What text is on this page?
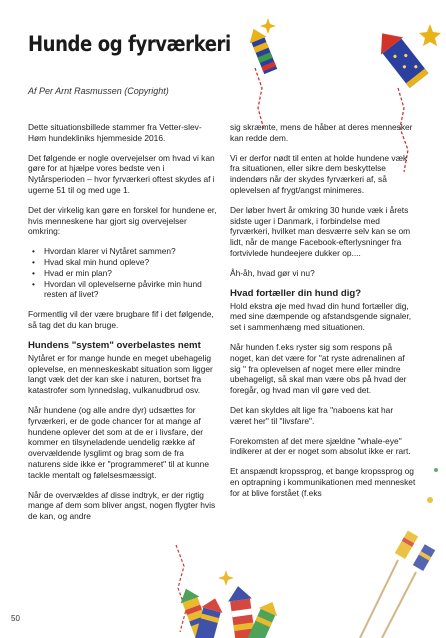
Hunde og fyrværkeri
Af Per Arnt Rasmussen (Copyright)

Dette situationsbillede stammer fra Vetter-slev-Høm hundekliniks hjemmeside 2016.

Det følgende er nogle overvejelser om hvad vi kan gøre for at hjælpe vores bedste ven i Nytårsperioden – hvor fyrværkeri oftest skydes af i ugerne 51 til og med uge 1.

Det der virkelig kan gøre en forskel for hundene er, hvis menneskene har gjort sig overvejelser omkring:

• Hvordan klarer vi Nytåret sammen?
• Hvad skal min hund opleve?
• Hvad er min plan?
• Hvordan vil oplevelserne påvirke min hund resten af livet?

Formentlig vil der være brugbare fif i det følgende, så tag det du kan bruge.

Hundens "system" overbelastes nemt

Nytåret er for mange hunde en meget ubehagelig oplevelse, en menneskeskabt situation som ligger langt væk det der kan ske i naturen, bortset fra katastrofer som lynnedslag, vulkanudbrud osv.

Når hundene (og alle andre dyr) udsættes for fyrværkeri, er de gode chancer for at mange af hundene oplever det som at de er i livsfare, der kommer en tilsyneladende uendelig række af overvældende lysglimt og brag som de fra naturens side ikke er "programmeret" til at kunne tackle mentalt og følelsesmæssigt.

Når de overvældes af disse indtryk, er der rigtig mange af dem som bliver angst, nogen flygter hvis de kan, og andre

sig skræmte, mens de håber at deres mennesker kan redde dem.

Vi er derfor nødt til enten at holde hundene væk fra situationen, eller sikre dem beskyttelse indendørs når der skydes fyrværkeri af, så oplevelsen af frygt/angst minimeres.

Der løber hvert år omkring 30 hunde væk i årets sidste uger i Danmark, i forbindelse med fyrværkeri, hvilket man desværre selv kan se om lidt, når de mange Facebook-efterlysninger fra fortvivlede hundeejere dukker op....

Åh-åh, hvad gør vi nu?

Hvad fortæller din hund dig?

Hold ekstra øje med hvad din hund fortæller dig, med sine dæmpende og afstandsgende signaler, set i sammenhæng med situationen.

Når hunden f.eks ryster sig som respons på noget, kan det være for "at ryste adrenalinen af sig " fra oplevelsen af noget mere eller mindre ubehageligt, så skal man være obs på hvad der foregår, og hvad man vil gøre ved det.

Det kan skyldes alt lige fra "naboens kat har været her" til "livsfare".

Forekomsten af det mere sjældne "whale-eye" indikerer at der er noget som absolut ikke er rart.

Et anspændt kropssprog, et bange kropssprog og en optrapning i kommunikationen med mennesket for at blive forstået (f.eks

50
